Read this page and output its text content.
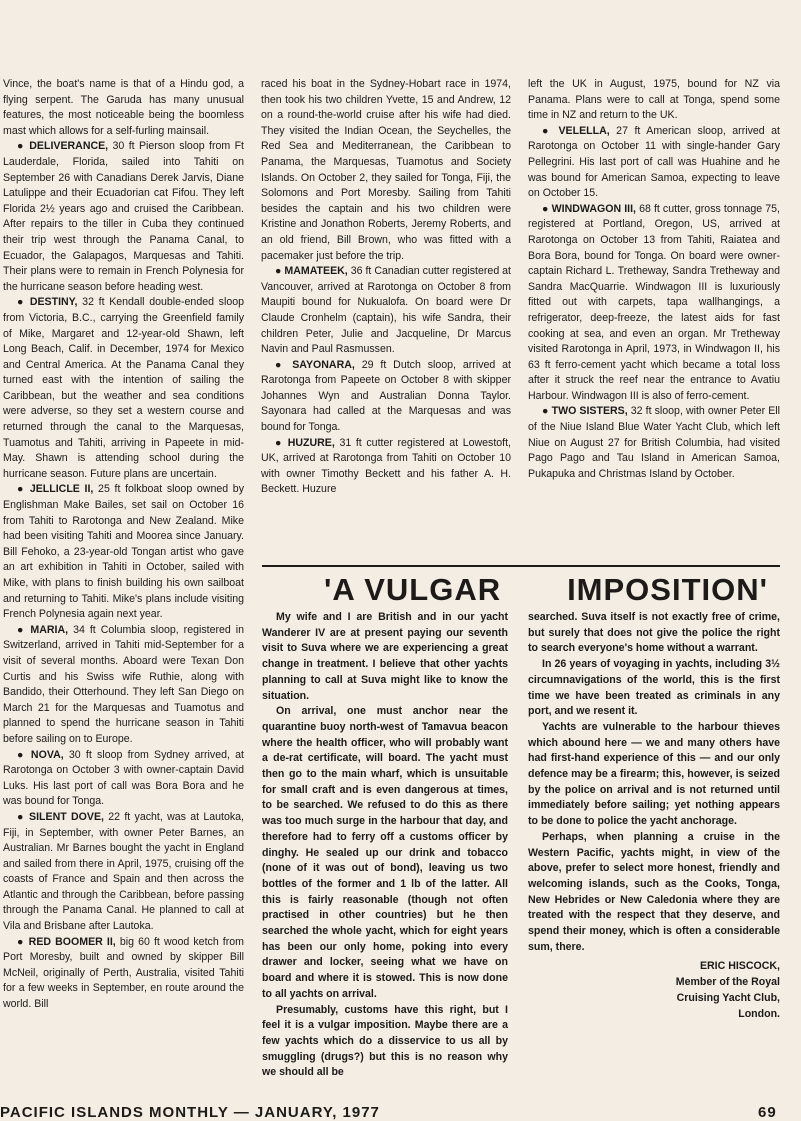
Vince, the boat's name is that of a Hindu god, a flying serpent. The Garuda has many unusual features, the most noticeable being the boomless mast which allows for a self-furling mainsail.

● DELIVERANCE, 30 ft Pierson sloop from Ft Lauderdale, Florida, sailed into Tahiti on September 26 with Canadians Derek Jarvis, Diane Latulippe and their Ecuadorian cat Fifou. They left Florida 2½ years ago and cruised the Caribbean. After repairs to the tiller in Cuba they continued their trip west through the Panama Canal, to Ecuador, the Galapagos, Marquesas and Tahiti. Their plans were to remain in French Polynesia for the hurricane season before heading west.

● DESTINY, 32 ft Kendall double-ended sloop from Victoria, B.C., carrying the Greenfield family of Mike, Margaret and 12-year-old Shawn, left Long Beach, Calif. in December, 1974 for Mexico and Central America. At the Panama Canal they turned east with the intention of sailing the Caribbean, but the weather and sea conditions were adverse, so they set a western course and returned through the canal to the Marquesas, Tuamotus and Tahiti, arriving in Papeete in mid-May. Shawn is attending school during the hurricane season. Future plans are uncertain.

● JELLICLE II, 25 ft folkboat sloop owned by Englishman Make Bailes, set sail on October 16 from Tahiti to Rarotonga and New Zealand. Mike had been visiting Tahiti and Moorea since January. Bill Fehoko, a 23-year-old Tongan artist who gave an art exhibition in Tahiti in October, sailed with Mike, with plans to finish building his own sailboat and returning to Tahiti. Mike's plans include visiting French Polynesia again next year.

● MARIA, 34 ft Columbia sloop, registered in Switzerland, arrived in Tahiti mid-September for a visit of several months. Aboard were Texan Don Curtis and his Swiss wife Ruthie, along with Bandido, their Otterhound. They left San Diego on March 21 for the Marquesas and Tuamotus and planned to spend the hurricane season in Tahiti before sailing on to Europe.

● NOVA, 30 ft sloop from Sydney arrived, at Rarotonga on October 3 with owner-captain David Luks. His last port of call was Bora Bora and he was bound for Tonga.

● SILENT DOVE, 22 ft yacht, was at Lautoka, Fiji, in September, with owner Peter Barnes, an Australian. Mr Barnes bought the yacht in England and sailed from there in April, 1975, cruising off the coasts of France and Spain and then across the Atlantic and through the Caribbean, before passing through the Panama Canal. He planned to call at Vila and Brisbane after Lautoka.

● RED BOOMER II, big 60 ft wood ketch from Port Moresby, built and owned by skipper Bill McNeil, originally of Perth, Australia, visited Tahiti for a few weeks in September, en route around the world. Bill

raced his boat in the Sydney-Hobart race in 1974, then took his two children Yvette, 15 and Andrew, 12 on a round-the-world cruise after his wife had died. They visited the Indian Ocean, the Seychelles, the Red Sea and Mediterranean, the Caribbean to Panama, the Marquesas, Tuamotus and Society Islands. On October 2, they sailed for Tonga, Fiji, the Solomons and Port Moresby. Sailing from Tahiti besides the captain and his two children were Kristine and Jonathon Roberts, Jeremy Roberts, and an old friend, Bill Brown, who was fitted with a pacemaker just before the trip.

● MAMATEEK, 36 ft Canadian cutter registered at Vancouver, arrived at Rarotonga on October 8 from Maupiti bound for Nukualofa. On board were Dr Claude Cronhelm (captain), his wife Sandra, their children Peter, Julie and Jacqueline, Dr Marcus Navin and Paul Rasmussen.

● SAYONARA, 29 ft Dutch sloop, arrived at Rarotonga from Papeete on October 8 with skipper Johannes Wyn and Australian Donna Taylor. Sayonara had called at the Marquesas and was bound for Tonga.

● HUZURE, 31 ft cutter registered at Lowestoft, UK, arrived at Rarotonga from Tahiti on October 10 with owner Timothy Beckett and his father A. H. Beckett. Huzure

left the UK in August, 1975, bound for NZ via Panama. Plans were to call at Tonga, spend some time in NZ and return to the UK.

● VELELLA, 27 ft American sloop, arrived at Rarotonga on October 11 with single-hander Gary Pellegrini. His last port of call was Huahine and he was bound for American Samoa, expecting to leave on October 15.

● WINDWAGON III, 68 ft cutter, gross tonnage 75, registered at Portland, Oregon, US, arrived at Rarotonga on October 13 from Tahiti, Raiatea and Bora Bora, bound for Tonga. On board were owner-captain Richard L. Tretheway, Sandra Tretheway and Sandra MacQuarrie. Windwagon III is luxuriously fitted out with carpets, tapa wallhangings, a refrigerator, deep-freeze, the latest aids for fast cooking at sea, and even an organ. Mr Tretheway visited Rarotonga in April, 1973, in Windwagon II, his 63 ft ferro-cement yacht which became a total loss after it struck the reef near the entrance to Avatiu Harbour. Windwagon III is also of ferro-cement.

● TWO SISTERS, 32 ft sloop, with owner Peter Ell of the Niue Island Blue Water Yacht Club, which left Niue on August 27 for British Columbia, had visited Pago Pago and Tau Island in American Samoa, Pukapuka and Christmas Island by October.

'A VULGAR IMPOSITION'

My wife and I are British and in our yacht Wanderer IV are at present paying our seventh visit to Suva where we are experiencing a great change in treatment. I believe that other yachts planning to call at Suva might like to know the situation.

On arrival, one must anchor near the quarantine buoy north-west of Tamavua beacon where the health officer, who will probably want a de-rat certificate, will board. The yacht must then go to the main wharf, which is unsuitable for small craft and is even dangerous at times, to be searched. We refused to do this as there was too much surge in the harbour that day, and therefore had to ferry off a customs officer by dinghy. He sealed up our drink and tobacco (none of it was out of bond), leaving us two bottles of the former and 1 lb of the latter. All this is fairly reasonable (though not often practised in other countries) but he then searched the whole yacht, which for eight years has been our only home, poking into every drawer and locker, seeing what we have on board and where it is stowed. This is now done to all yachts on arrival.

Presumably, customs have this right, but I feel it is a vulgar imposition. Maybe there are a few yachts which do a disservice to us all by smuggling (drugs?) but this is no reason why we should all be

searched. Suva itself is not exactly free of crime, but surely that does not give the police the right to search everyone's home without a warrant.

In 26 years of voyaging in yachts, including 3½ circumnavigations of the world, this is the first time we have been treated as criminals in any port, and we resent it.

Yachts are vulnerable to the harbour thieves which abound here — we and many others have had first-hand experience of this — and our only defence may be a firearm; this, however, is seized by the police on arrival and is not returned until immediately before sailing; yet nothing appears to be done to police the yacht anchorage.

Perhaps, when planning a cruise in the Western Pacific, yachts might, in view of the above, prefer to select more honest, friendly and welcoming islands, such as the Cooks, Tonga, New Hebrides or New Caledonia where they are treated with the respect that they deserve, and spend their money, which is often a considerable sum, there.

ERIC HISCOCK,
Member of the Royal
Cruising Yacht Club,
London.
PACIFIC ISLANDS MONTHLY — JANUARY, 1977	69
